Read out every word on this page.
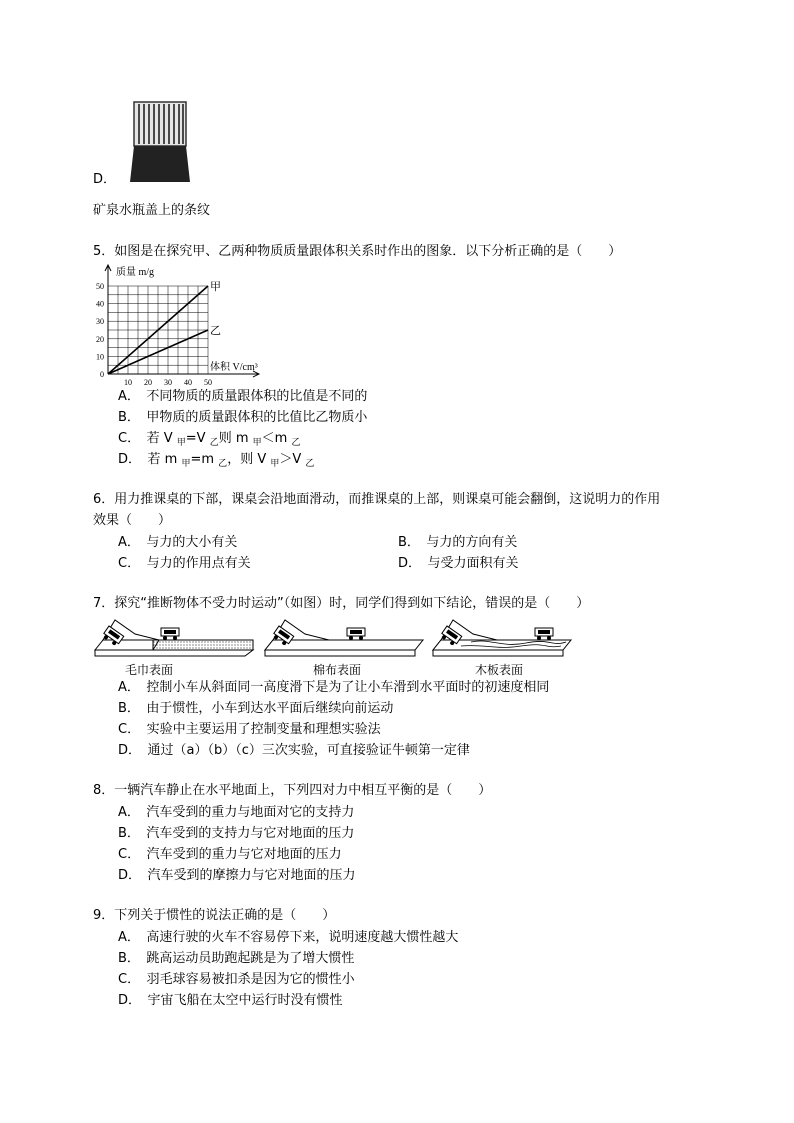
D．
矿泉水瓶盖上的条纹
5．如图是在探究甲、乙两种物质质量跟体积关系时作出的图象．以下分析正确的是（　　）
0
10
20
30
40
50
10 20 30 40 50
质量 m/g
体积 V/cm³
甲
乙
A．　不同物质的质量跟体积的比值是不同的
B．　甲物质的质量跟体积的比值比乙物质小
C．　若 V $_甲$=V $_乙$则 m $_甲$＜m $_乙$
D．　若 m $_甲$=m $_乙$，则 V $_甲$＞V $_乙$
6．用力推课桌的下部，课桌会沿地面滑动，而推课桌的上部，则课桌可能会翻倒，这说明力的作用
效果（　　）
A．　与力的大小有关	B．　与力的方向有关
C．　与力的作用点有关	D．　与受力面积有关
7．探究“推断物体不受力时运动”（如图）时，同学们得到如下结论，错误的是（　　）
毛巾表面	棉布表面	木板表面
A．　控制小车从斜面同一高度滑下是为了让小车滑到水平面时的初速度相同
B．　由于惯性，小车到达水平面后继续向前运动
C．　实验中主要运用了控制变量和理想实验法
D．　通过（a）（b）（c）三次实验，可直接验证牛顿第一定律
8．一辆汽车静止在水平地面上，下列四对力中相互平衡的是（　　）
A．　汽车受到的重力与地面对它的支持力
B．　汽车受到的支持力与它对地面的压力
C．　汽车受到的重力与它对地面的压力
D．　汽车受到的摩擦力与它对地面的压力
9．下列关于惯性的说法正确的是（　　）
A．　高速行驶的火车不容易停下来，说明速度越大惯性越大
B．　跳高运动员助跑起跳是为了增大惯性
C．　羽毛球容易被扣杀是因为它的惯性小
D．　宇宙飞船在太空中运行时没有惯性
